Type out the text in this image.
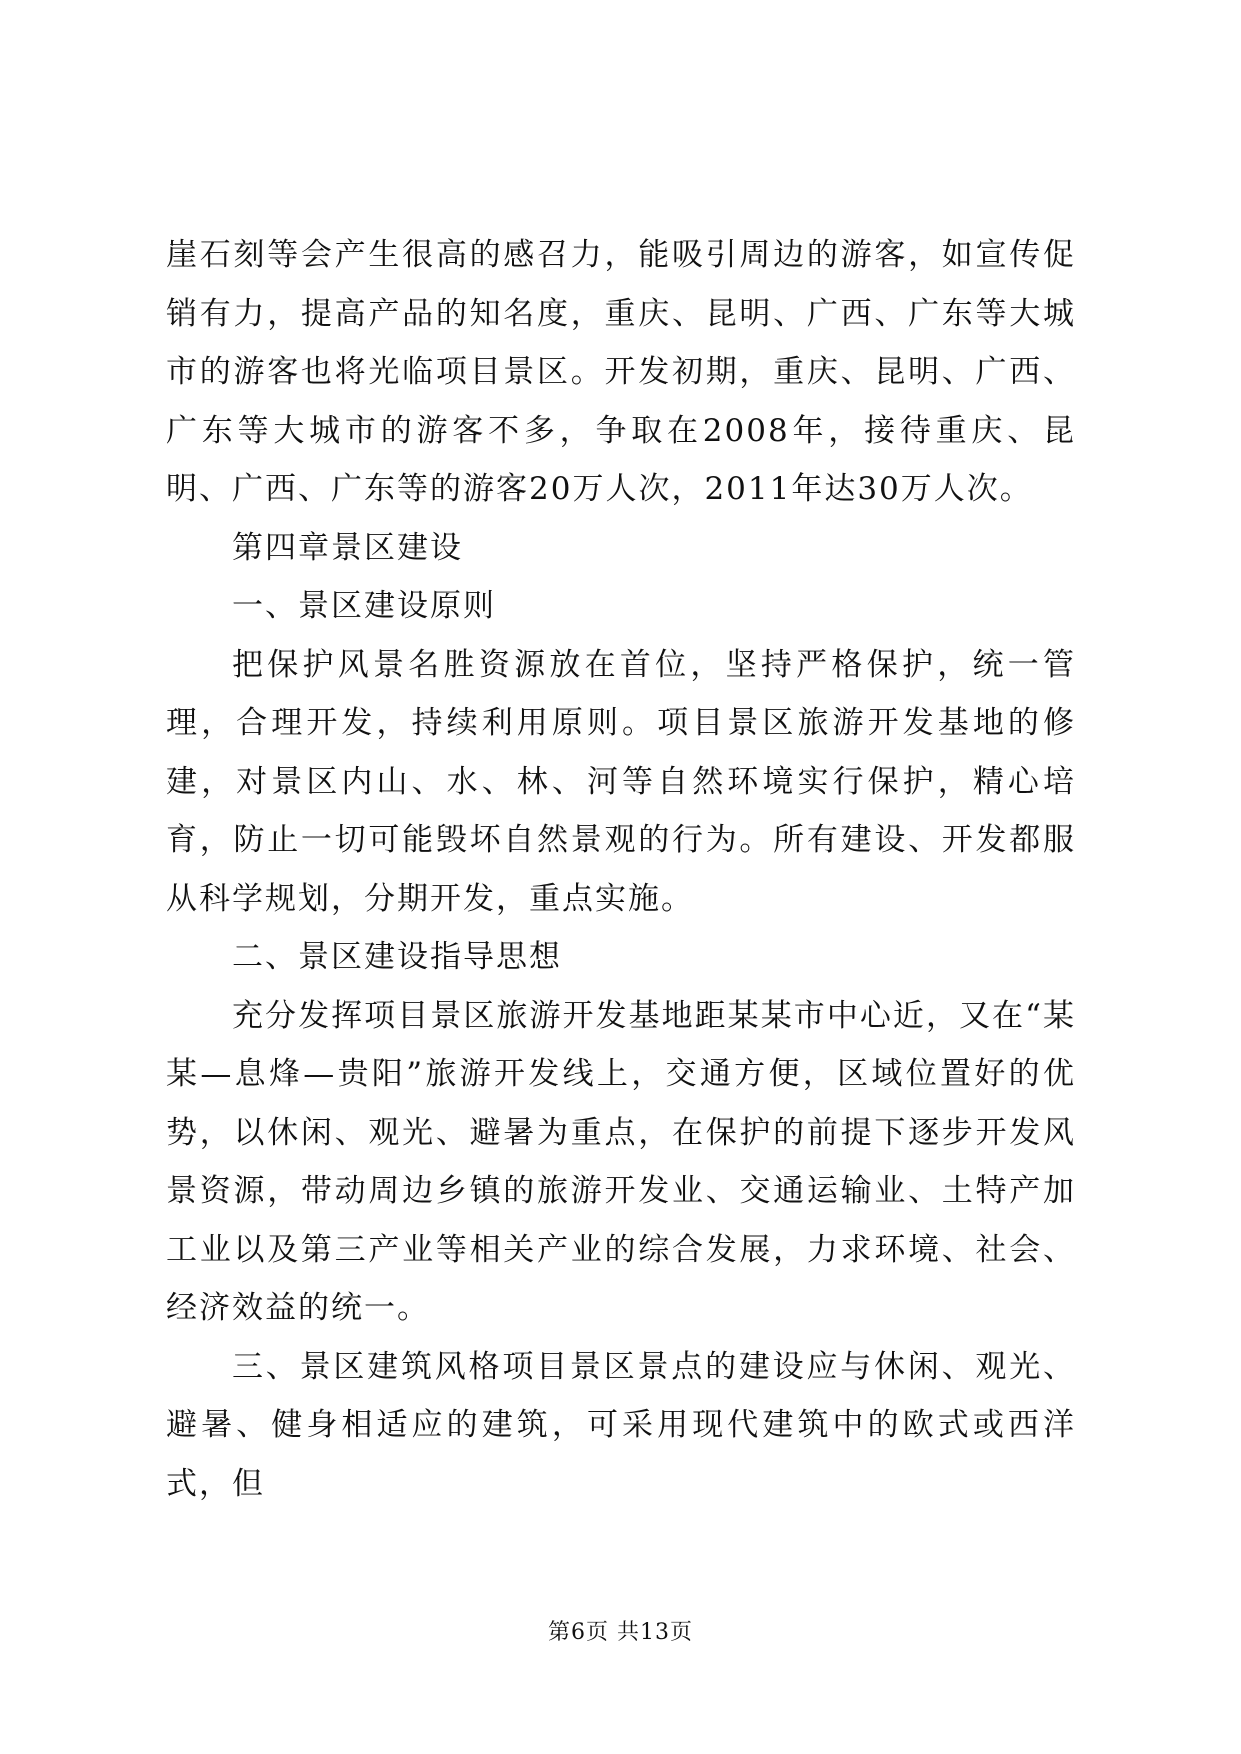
崖石刻等会产生很高的感召力，能吸引周边的游客，如宣传促销有力，提高产品的知名度，重庆、昆明、广西、广东等大城市的游客也将光临项目景区。开发初期，重庆、昆明、广西、广东等大城市的游客不多，争取在2008年，接待重庆、昆明、广西、广东等的游客20万人次，2011年达30万人次。

第四章景区建设

一、景区建设原则

把保护风景名胜资源放在首位，坚持严格保护，统一管理，合理开发，持续利用原则。项目景区旅游开发基地的修建，对景区内山、水、林、河等自然环境实行保护，精心培育，防止一切可能毁坏自然景观的行为。所有建设、开发都服从科学规划，分期开发，重点实施。

二、景区建设指导思想

充分发挥项目景区旅游开发基地距某某市中心近，又在“某某—息烽—贵阳”旅游开发线上，交通方便，区域位置好的优势，以休闲、观光、避暑为重点，在保护的前提下逐步开发风景资源，带动周边乡镇的旅游开发业、交通运输业、土特产加工业以及第三产业等相关产业的综合发展，力求环境、社会、经济效益的统一。

三、景区建筑风格项目景区景点的建设应与休闲、观光、避暑、健身相适应的建筑，可采用现代建筑中的欧式或西洋式，但

第6页 共13页
